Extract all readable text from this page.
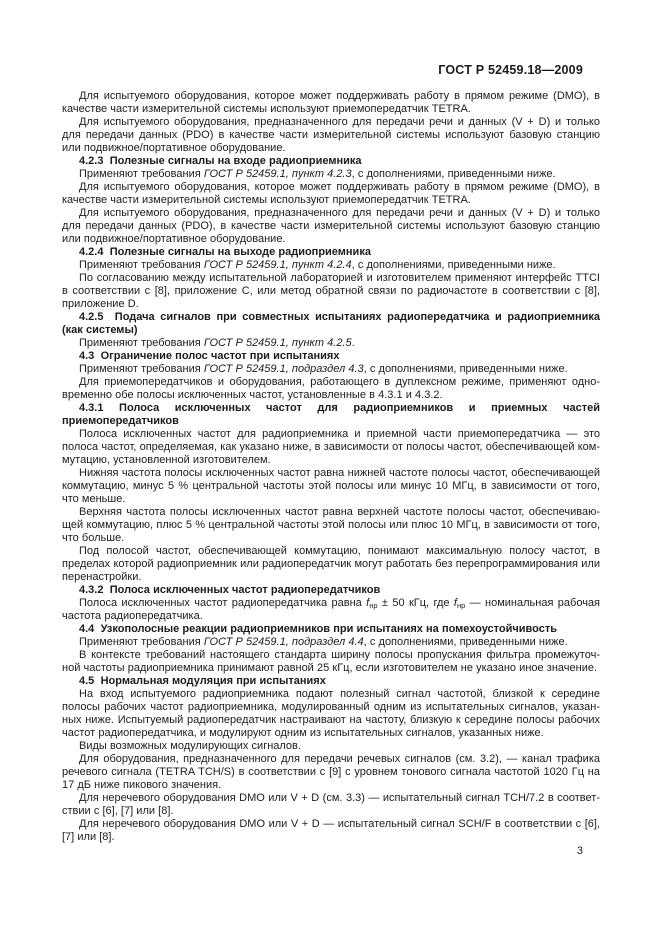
ГОСТ Р 52459.18—2009

Для испытуемого оборудования, которое может поддерживать работу в прямом режиме (DMO), в качестве части измерительной системы используют приемопередатчик TETRA.

Для испытуемого оборудования, предназначенного для передачи речи и данных (V + D) и только для передачи данных (PDO) в качестве части измерительной системы используют базовую станцию или подвижное/портативное оборудование.

4.2.3  Полезные сигналы на входе радиоприемника

Применяют требования ГОСТ Р 52459.1, пункт 4.2.3, с дополнениями, приведенными ниже.

Для испытуемого оборудования, которое может поддерживать работу в прямом режиме (DMO), в качестве части измерительной системы используют приемопередатчик TETRA.

Для испытуемого оборудования, предназначенного для передачи речи и данных (V + D) и только для передачи данных (PDO), в качестве части измерительной системы используют базовую станцию или подвижное/портативное оборудование.

4.2.4  Полезные сигналы на выходе радиоприемника

Применяют требования ГОСТ Р 52459.1, пункт 4.2.4, с дополнениями, приведенными ниже.

По согласованию между испытательной лабораторией и изготовителем применяют интерфейс TTCI в соответствии с [8], приложение C, или метод обратной связи по радиочастоте в соответствии с [8], приложение D.

4.2.5  Подача сигналов при совместных испытаниях радиопередатчика и радиоприемника (как системы)

Применяют требования ГОСТ Р 52459.1, пункт 4.2.5.

4.3  Ограничение полос частот при испытаниях

Применяют требования ГОСТ Р 52459.1, подраздел 4.3, с дополнениями, приведенными ниже.

Для приемопередатчиков и оборудования, работающего в дуплексном режиме, применяют одновременно обе полосы исключенных частот, установленные в 4.3.1 и 4.3.2.

4.3.1 Полоса исключенных частот для радиоприемников и приемных частей приемопередатчиков

Полоса исключенных частот для радиоприемника и приемной части приемопередатчика — это полоса частот, определяемая, как указано ниже, в зависимости от полосы частот, обеспечивающей коммутацию, установленной изготовителем.

Нижняя частота полосы исключенных частот равна нижней частоте полосы частот, обеспечивающей коммутацию, минус 5 % центральной частоты этой полосы или минус 10 МГц, в зависимости от того, что меньше.

Верхняя частота полосы исключенных частот равна верхней частоте полосы частот, обеспечивающей коммутацию, плюс 5 % центральной частоты этой полосы или плюс 10 МГц, в зависимости от того, что больше.

Под полосой частот, обеспечивающей коммутацию, понимают максимальную полосу частот, в пределах которой радиоприемник или радиопередатчик могут работать без перепрограммирования или перенастройки.

4.3.2  Полоса исключенных частот радиопередатчиков

Полоса исключенных частот радиопередатчика равна $f_{нр} \pm 50$ кГц, где $f_{нр}$ — номинальная рабочая частота радиопередатчика.

4.4  Узкополосные реакции радиоприемников при испытаниях на помехоустойчивость

Применяют требования ГОСТ Р 52459.1, подраздел 4.4, с дополнениями, приведенными ниже.

В контексте требований настоящего стандарта ширину полосы пропускания фильтра промежуточной частоты радиоприемника принимают равной 25 кГц, если изготовителем не указано иное значение.

4.5  Нормальная модуляция при испытаниях

На вход испытуемого радиоприемника подают полезный сигнал частотой, близкой к середине полосы рабочих частот радиоприемника, модулированный одним из испытательных сигналов, указанных ниже. Испытуемый радиопередатчик настраивают на частоту, близкую к середине полосы рабочих частот радиопередатчика, и модулируют одним из испытательных сигналов, указанных ниже.

Виды возможных модулирующих сигналов.

Для оборудования, предназначенного для передачи речевых сигналов (см. 3.2), — канал трафика речевого сигнала (TETRA TCH/S) в соответствии с [9] с уровнем тонового сигнала частотой 1020 Гц на 17 дБ ниже пикового значения.

Для неречевого оборудования DMO или V + D (см. 3.3) — испытательный сигнал TCH/7.2 в соответствии с [6], [7] или [8].

Для неречевого оборудования DMO или V + D — испытательный сигнал SCH/F в соответствии с [6], [7] или [8].

3
